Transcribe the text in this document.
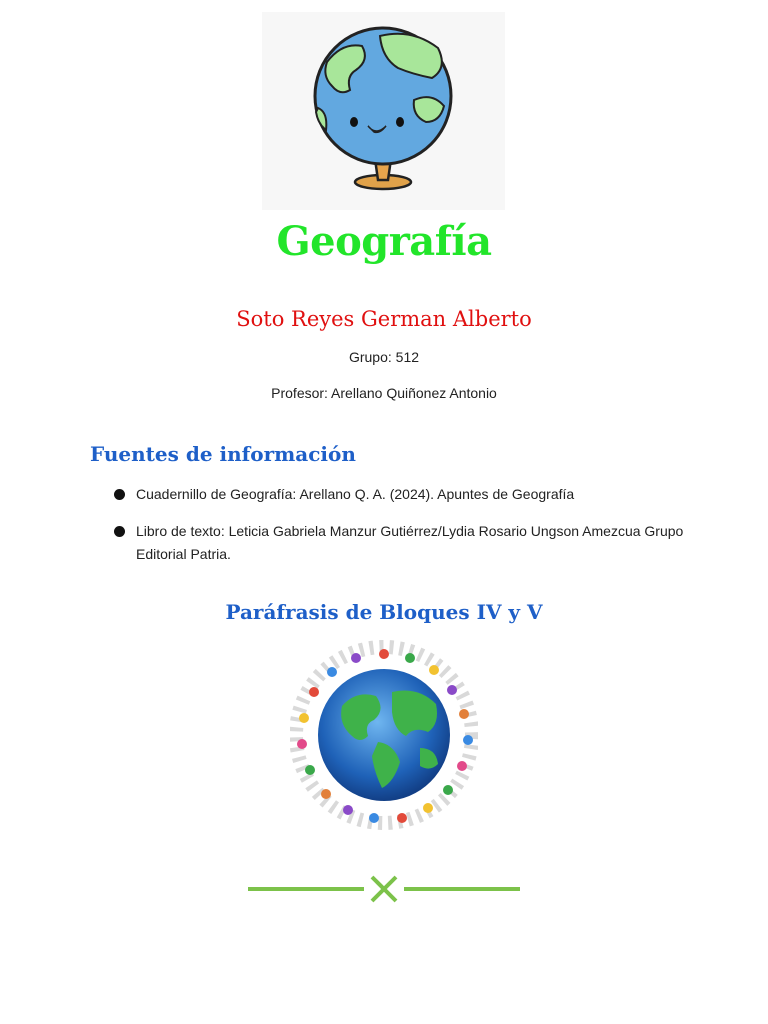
Geografía
Soto Reyes German Alberto
Grupo: 512
Profesor: Arellano Quiñonez Antonio
Fuentes de información
Cuadernillo de Geografía: Arellano Q. A. (2024). Apuntes de Geografía
Libro de texto: Leticia Gabriela Manzur Gutiérrez/Lydia Rosario Ungson Amezcua Grupo Editorial Patria.
Paráfrasis de Bloques IV y V
